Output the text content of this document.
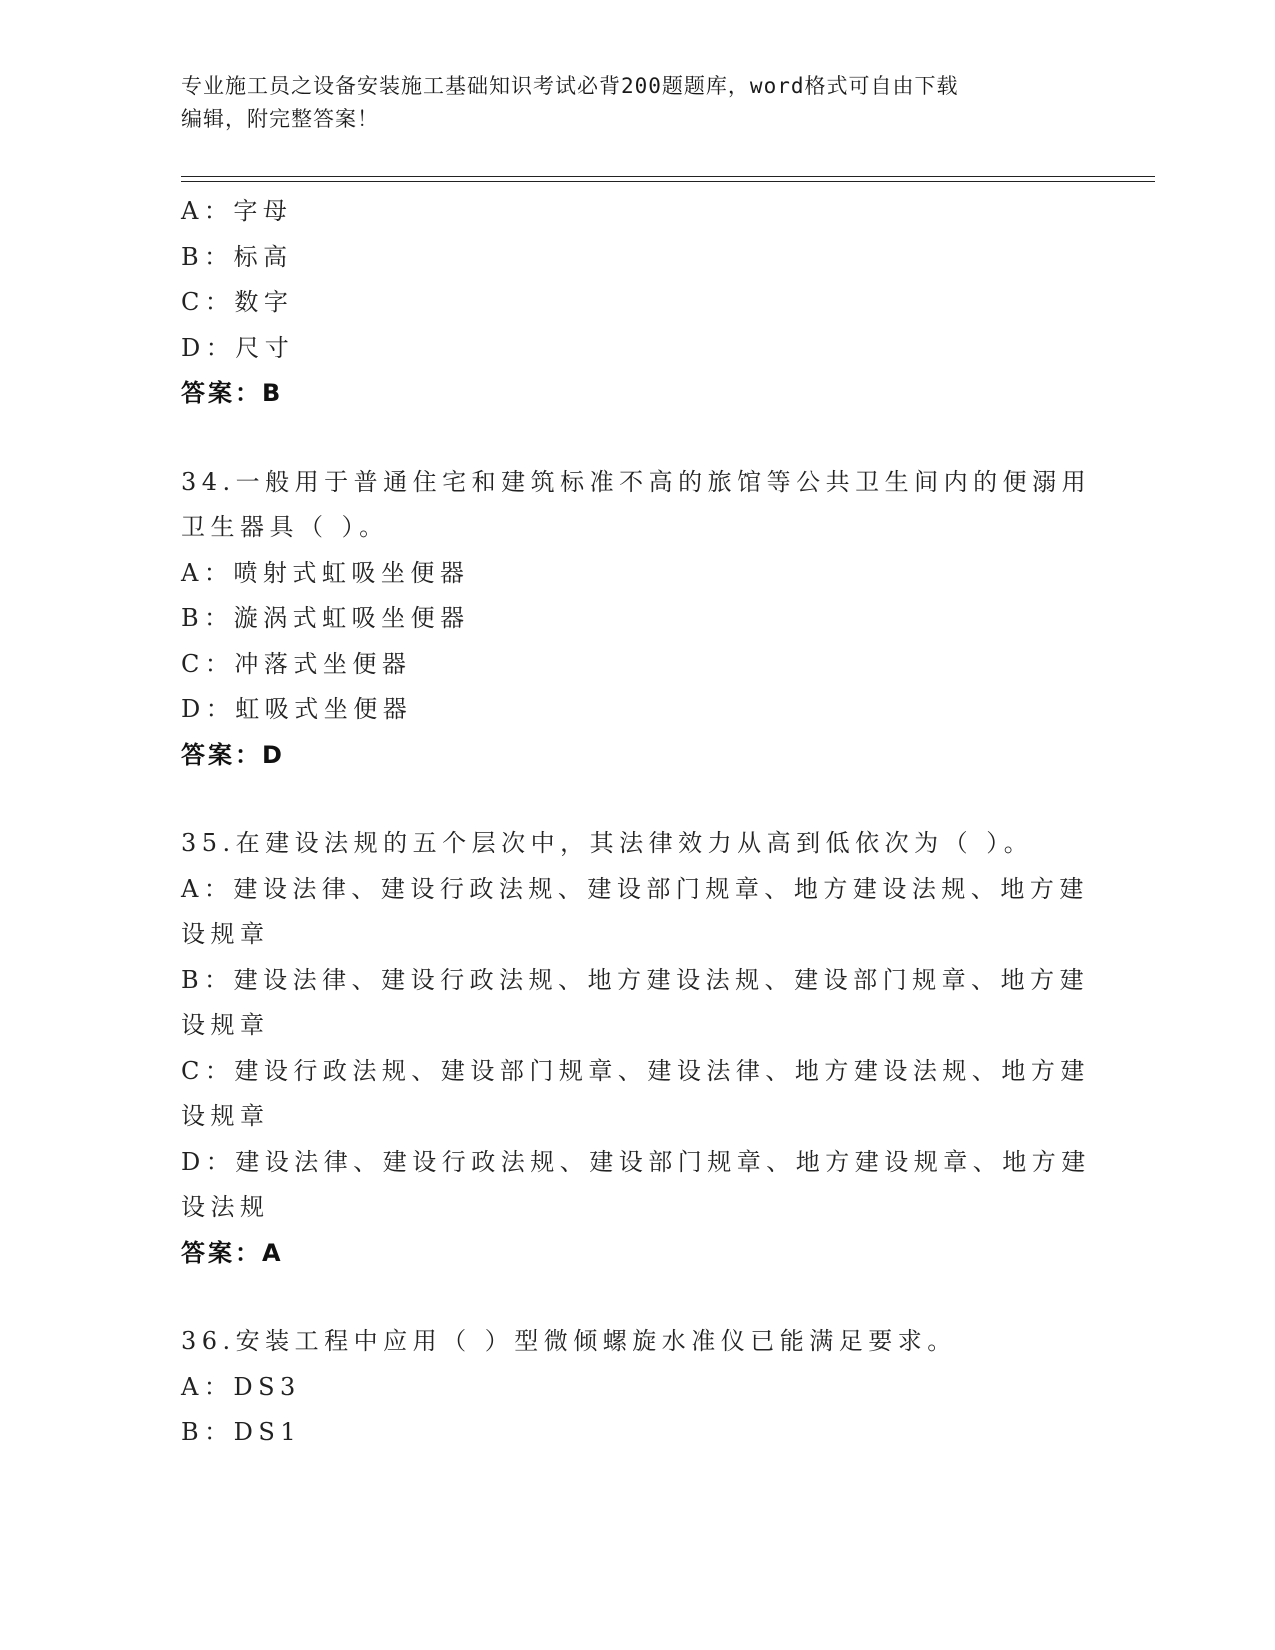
专业施工员之设备安装施工基础知识考试必背200题题库，word格式可自由下载
编辑，附完整答案！
A：字母
B：标高
C：数字
D：尺寸
答案：B
34.一般用于普通住宅和建筑标准不高的旅馆等公共卫生间内的便溺用
卫生器具（ ）。
A：喷射式虹吸坐便器
B：漩涡式虹吸坐便器
C：冲落式坐便器
D：虹吸式坐便器
答案：D
35.在建设法规的五个层次中，其法律效力从高到低依次为（ ）。
A：建设法律、建设行政法规、建设部门规章、地方建设法规、地方建
设规章
B：建设法律、建设行政法规、地方建设法规、建设部门规章、地方建
设规章
C：建设行政法规、建设部门规章、建设法律、地方建设法规、地方建
设规章
D：建设法律、建设行政法规、建设部门规章、地方建设规章、地方建
设法规
答案：A
36.安装工程中应用（ ）型微倾螺旋水准仪已能满足要求。
A：DS3
B：DS1
